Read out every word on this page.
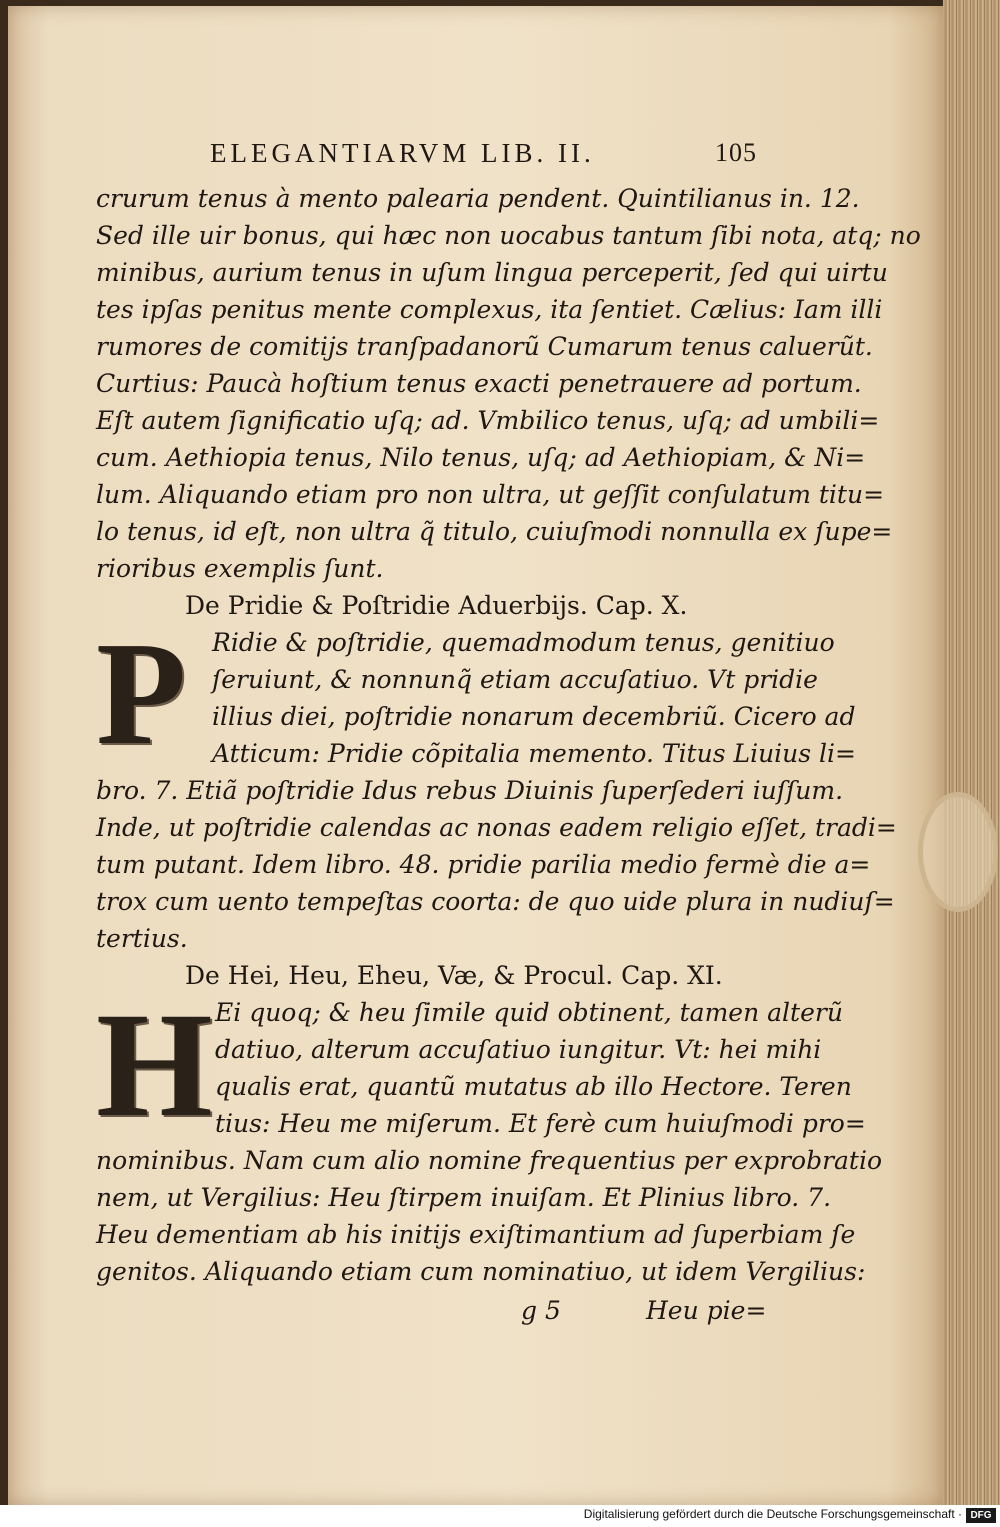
ELEGANTIARVM LIB. II.	105
crurum tenus à mento palearia pendent. Quintilianus in. 12.
Sed ille uir bonus, qui hæc non uocabus tantum ſibi nota, atq; no
minibus, aurium tenus in uſum lingua perceperit, ſed qui uirtu
tes ipſas penitus mente complexus, ita ſentiet. Cælius: Iam illi
rumores de comitijs tranſpadanorũ Cumarum tenus caluerũt.
Curtius: Paucà hoſtium tenus exacti penetrauere ad portum.
Eſt autem ſignificatio uſq; ad. Vmbilico tenus, uſq; ad umbili=
cum. Aethiopia tenus, Nilo tenus, uſq; ad Aethiopiam, & Ni=
lum. Aliquando etiam pro non ultra, ut geſſit conſulatum titu=
lo tenus, id eſt, non ultra q̃ titulo, cuiuſmodi nonnulla ex ſupe=
rioribus exemplis ſunt.
De Pridie & Poſtridie Aduerbijs. Cap. X.
P Ridie & poſtridie, quemadmodum tenus, genitiuo
ſeruiunt, & nonnunq̃ etiam accuſatiuo. Vt pridie
illius diei, poſtridie nonarum decembriũ. Cicero ad
Atticum: Pridie cõpitalia memento. Titus Liuius li=
bro. 7. Etiã poſtridie Idus rebus Diuinis ſuperſederi iuſſum.
Inde, ut poſtridie calendas ac nonas eadem religio eſſet, tradi=
tum putant. Idem libro. 48. pridie parilia medio fermè die a=
trox cum uento tempeſtas coorta: de quo uide plura in nudiuſ=
tertius.
De Hei, Heu, Eheu, Væ, & Procul. Cap. XI.
H Ei quoq; & heu ſimile quid obtinent, tamen alterũ
datiuo, alterum accuſatiuo iungitur. Vt: hei mihi
qualis erat, quantũ mutatus ab illo Hectore. Teren
tius: Heu me miſerum. Et ferè cum huiuſmodi pro=
nominibus. Nam cum alio nomine frequentius per exprobratio
nem, ut Vergilius: Heu ſtirpem inuiſam. Et Plinius libro. 7.
Heu dementiam ab his initijs exiſtimantium ad ſuperbiam ſe
genitos. Aliquando etiam cum nominatiuo, ut idem Vergilius:
g 5	Heu pie=
Digitalisierung gefördert durch die Deutsche Forschungsgemeinschaft · DFG
